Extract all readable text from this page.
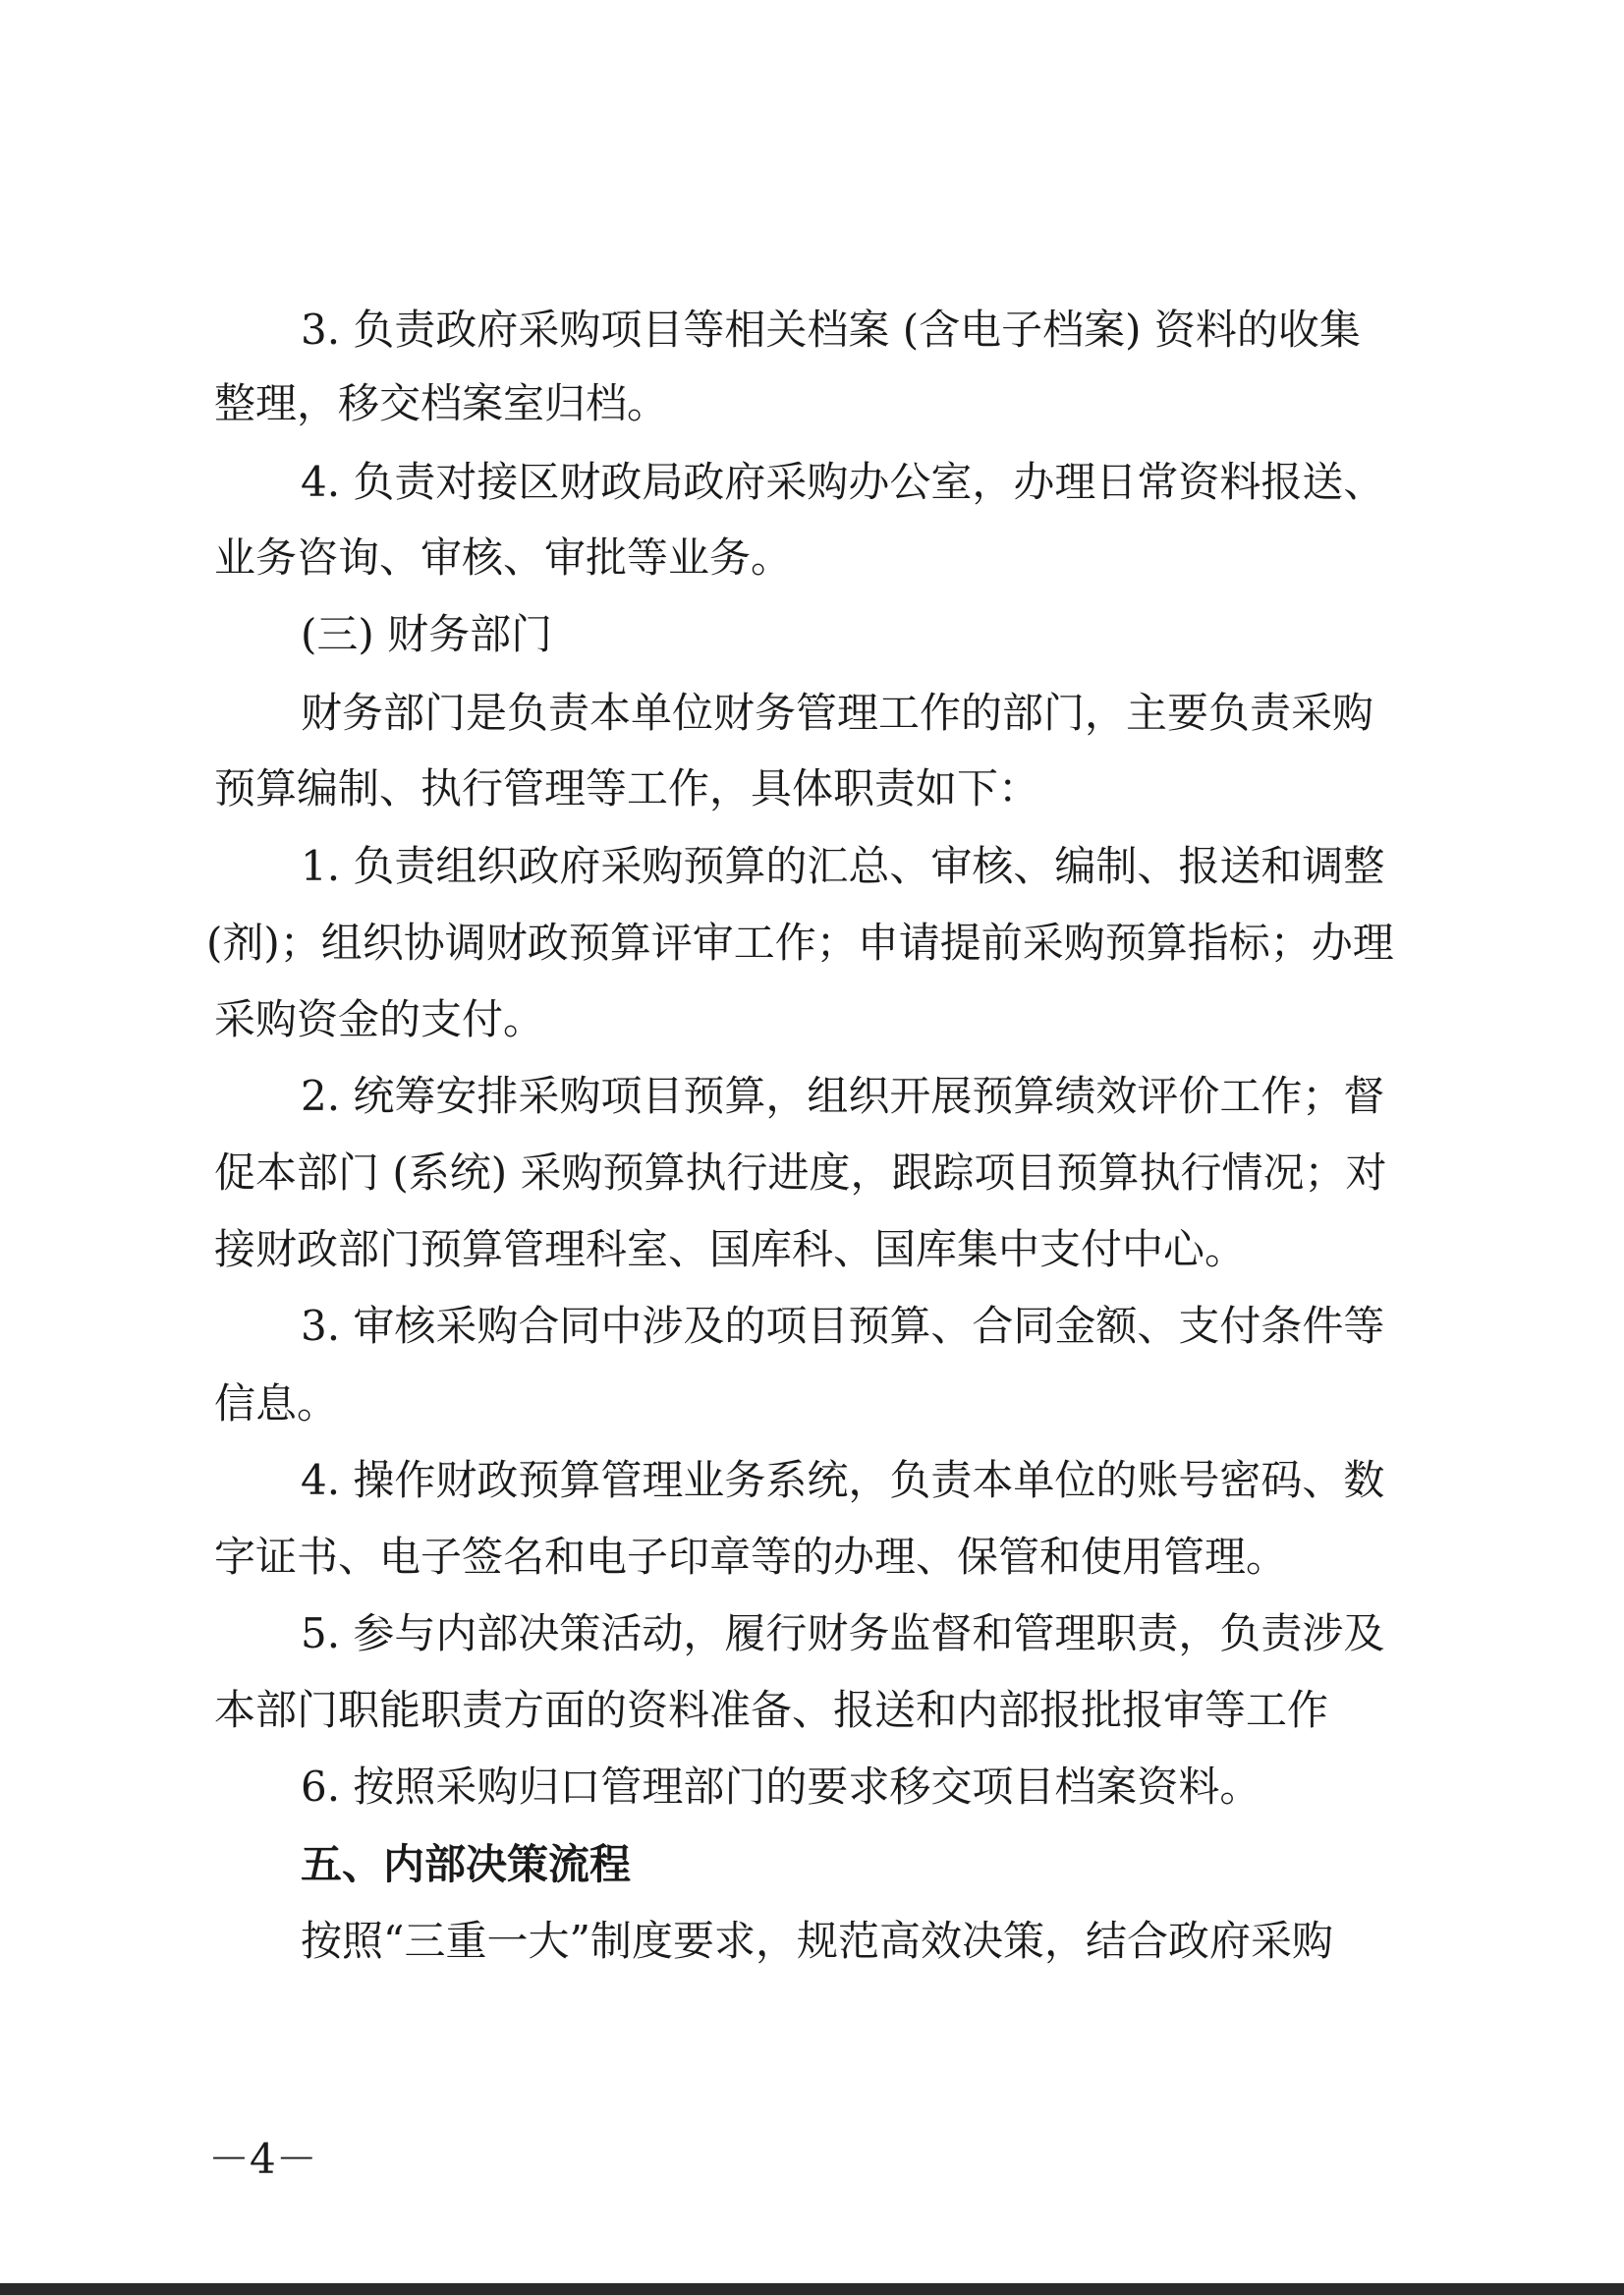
3. 负责政府采购项目等相关档案 (含电子档案) 资料的收集
整理，移交档案室归档。
4. 负责对接区财政局政府采购办公室，办理日常资料报送、
业务咨询、审核、审批等业务。
(三) 财务部门
财务部门是负责本单位财务管理工作的部门，主要负责采购
预算编制、执行管理等工作，具体职责如下：
1. 负责组织政府采购预算的汇总、审核、编制、报送和调整
(剂)；组织协调财政预算评审工作；申请提前采购预算指标；办理
采购资金的支付。
2. 统筹安排采购项目预算，组织开展预算绩效评价工作；督
促本部门 (系统) 采购预算执行进度，跟踪项目预算执行情况；对
接财政部门预算管理科室、国库科、国库集中支付中心。
3. 审核采购合同中涉及的项目预算、合同金额、支付条件等
信息。
4. 操作财政预算管理业务系统，负责本单位的账号密码、数
字证书、电子签名和电子印章等的办理、保管和使用管理。
5. 参与内部决策活动，履行财务监督和管理职责，负责涉及
本部门职能职责方面的资料准备、报送和内部报批报审等工作
6. 按照采购归口管理部门的要求移交项目档案资料。
五、内部决策流程
按照“三重一大”制度要求，规范高效决策，结合政府采购
－4－
